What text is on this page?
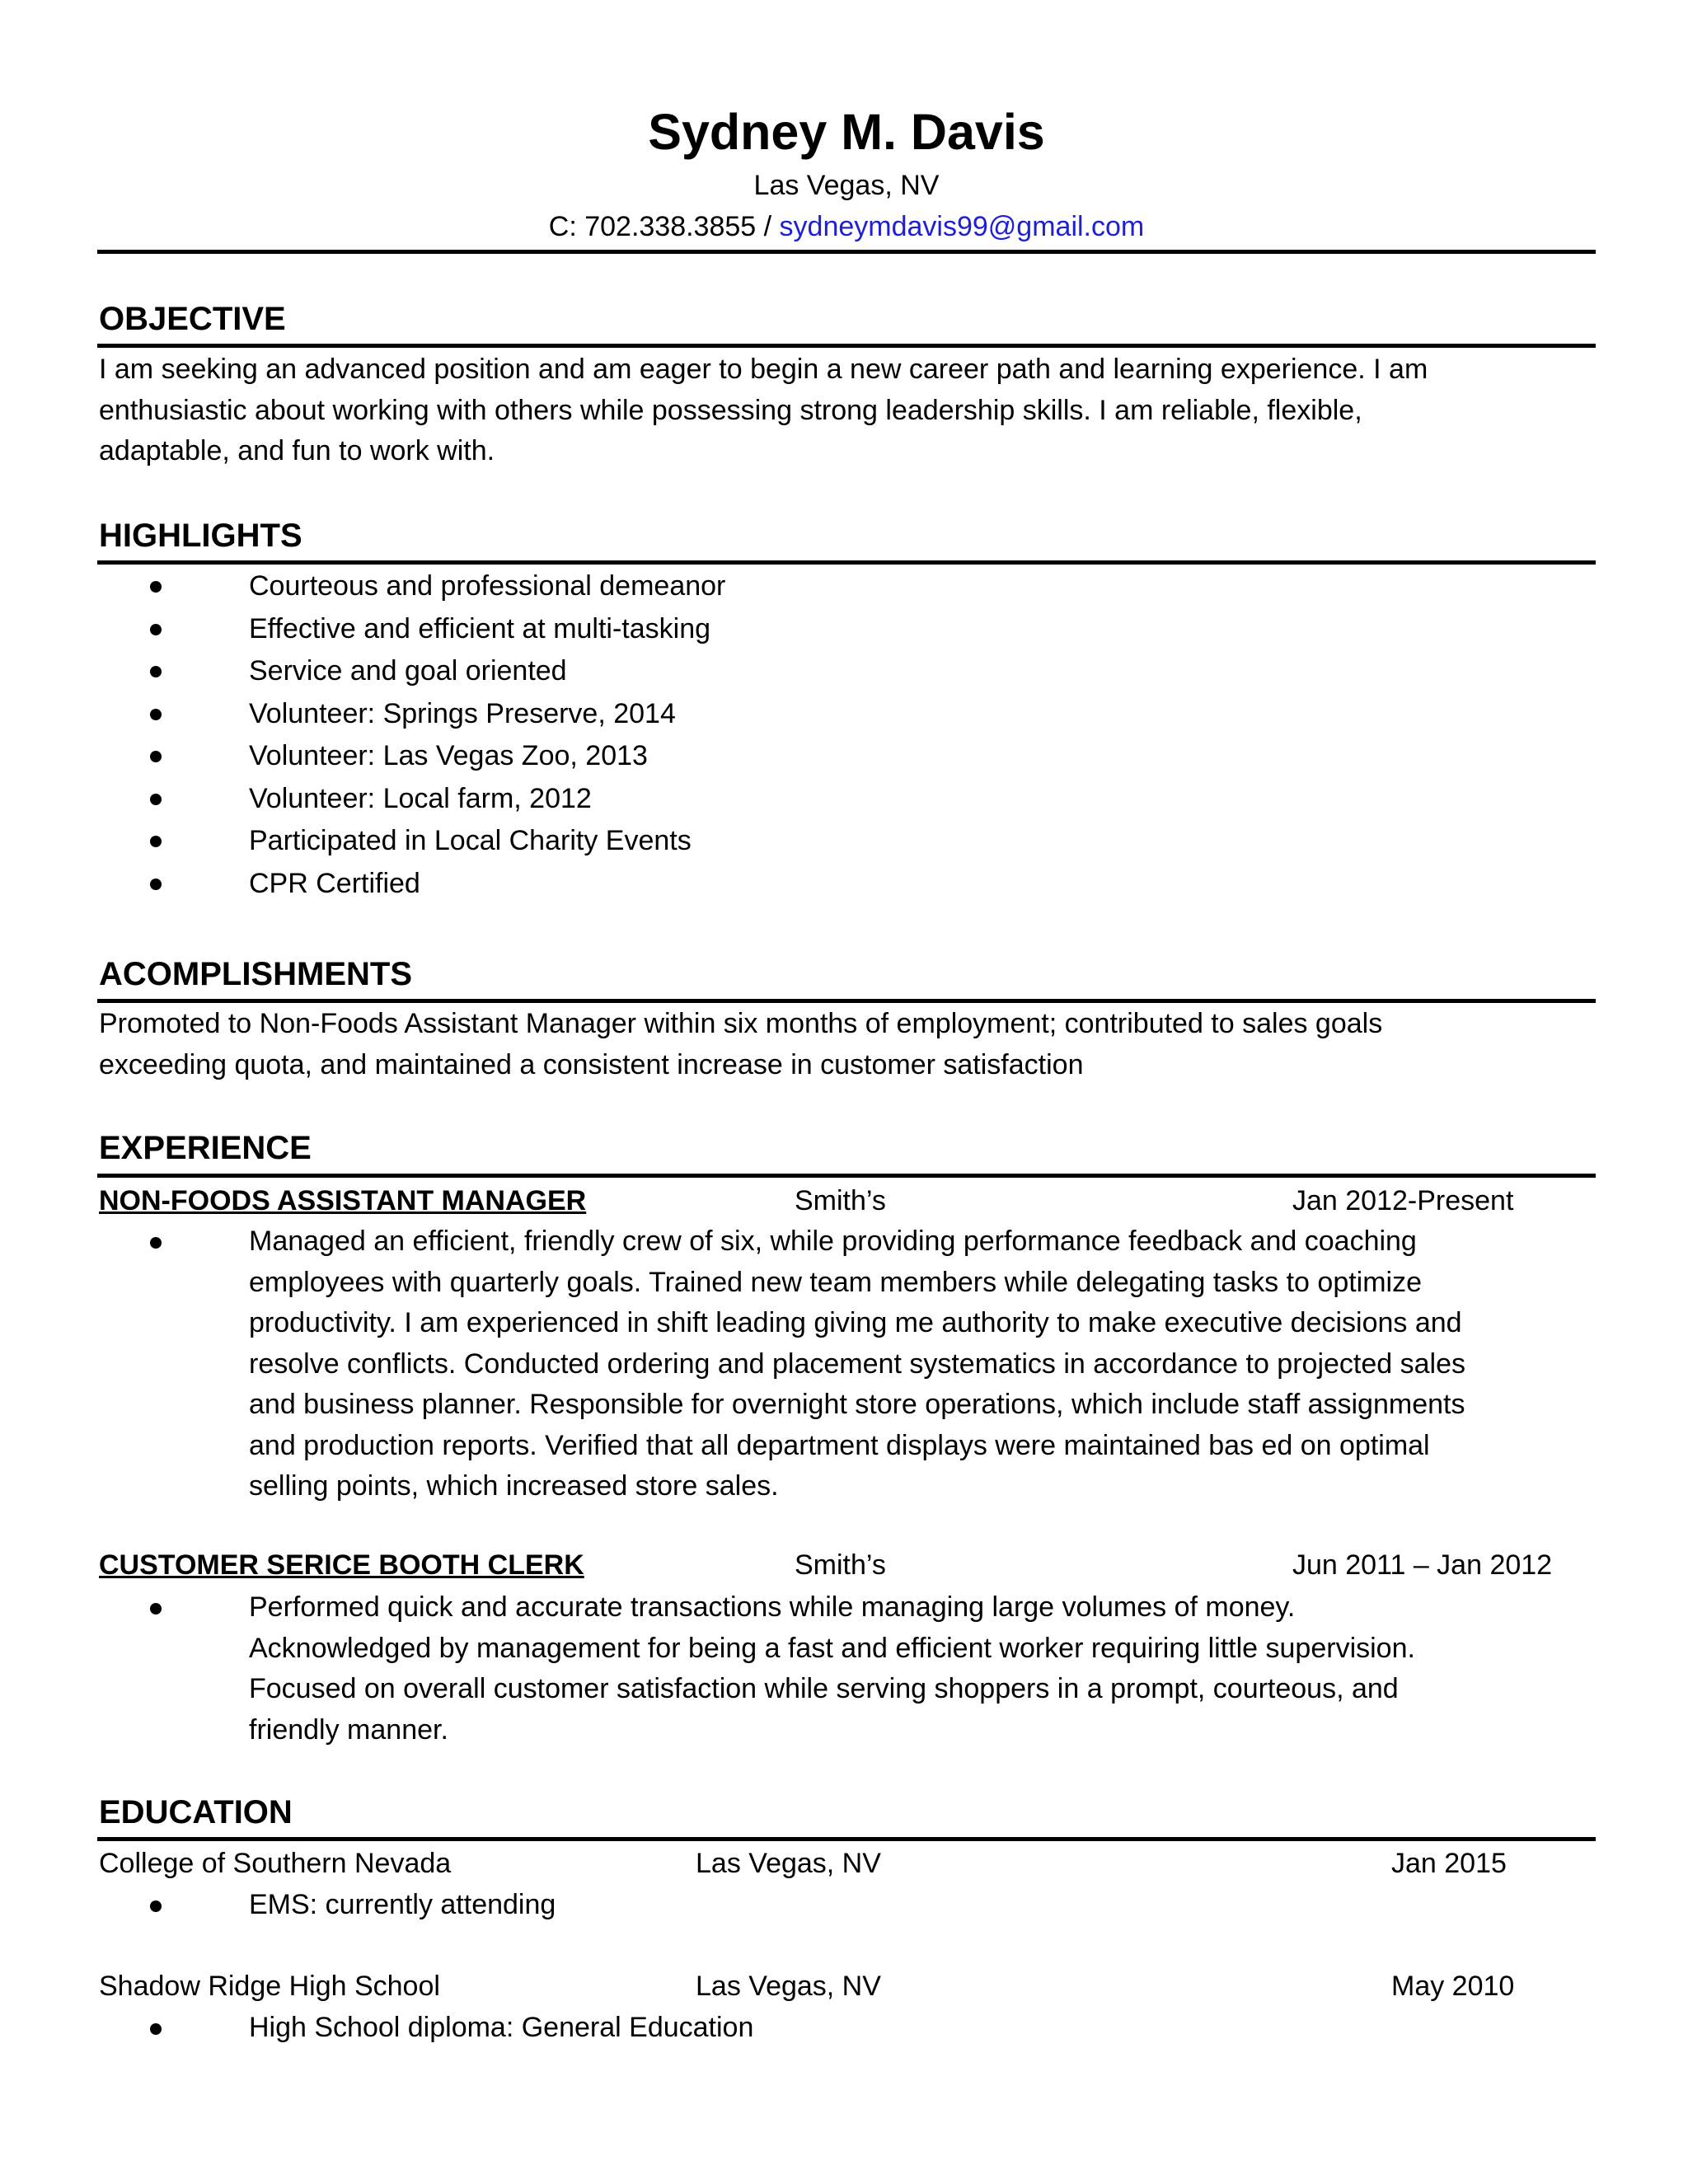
Sydney M. Davis

Las Vegas, NV

C: 702.338.3855 / sydneymdavis99@gmail.com

OBJECTIVE
I am seeking an advanced position and am eager to begin a new career path and learning experience. I am
enthusiastic about working with others while possessing strong leadership skills. I am reliable, flexible,
adaptable, and fun to work with.
HIGHLIGHTS
Courteous and professional demeanor
Effective and efficient at multi-tasking
Service and goal oriented
Volunteer: Springs Preserve, 2014
Volunteer: Las Vegas Zoo, 2013
Volunteer: Local farm, 2012
Participated in Local Charity Events
CPR Certified
ACOMPLISHMENTS
Promoted to Non-Foods Assistant Manager within six months of employment; contributed to sales goals
exceeding quota, and maintained a consistent increase in customer satisfaction
EXPERIENCE
NON-FOODS ASSISTANT MANAGER	Smith’s	Jan 2012-Present
Managed an efficient, friendly crew of six, while providing performance feedback and coaching
employees with quarterly goals. Trained new team members while delegating tasks to optimize
productivity. I am experienced in shift leading giving me authority to make executive decisions and
resolve conflicts. Conducted ordering and placement systematics in accordance to projected sales
and business planner. Responsible for overnight store operations, which include staff assignments
and production reports. Verified that all department displays were maintained bas ed on optimal
selling points, which increased store sales.
CUSTOMER SERICE BOOTH CLERK	Smith’s	Jun 2011 – Jan 2012
Performed quick and accurate transactions while managing large volumes of money.
Acknowledged by management for being a fast and efficient worker requiring little supervision.
Focused on overall customer satisfaction while serving shoppers in a prompt, courteous, and
friendly manner.
EDUCATION
College of Southern Nevada	Las Vegas, NV	Jan 2015
EMS: currently attending
Shadow Ridge High School	Las Vegas, NV	May 2010
High School diploma: General Education
